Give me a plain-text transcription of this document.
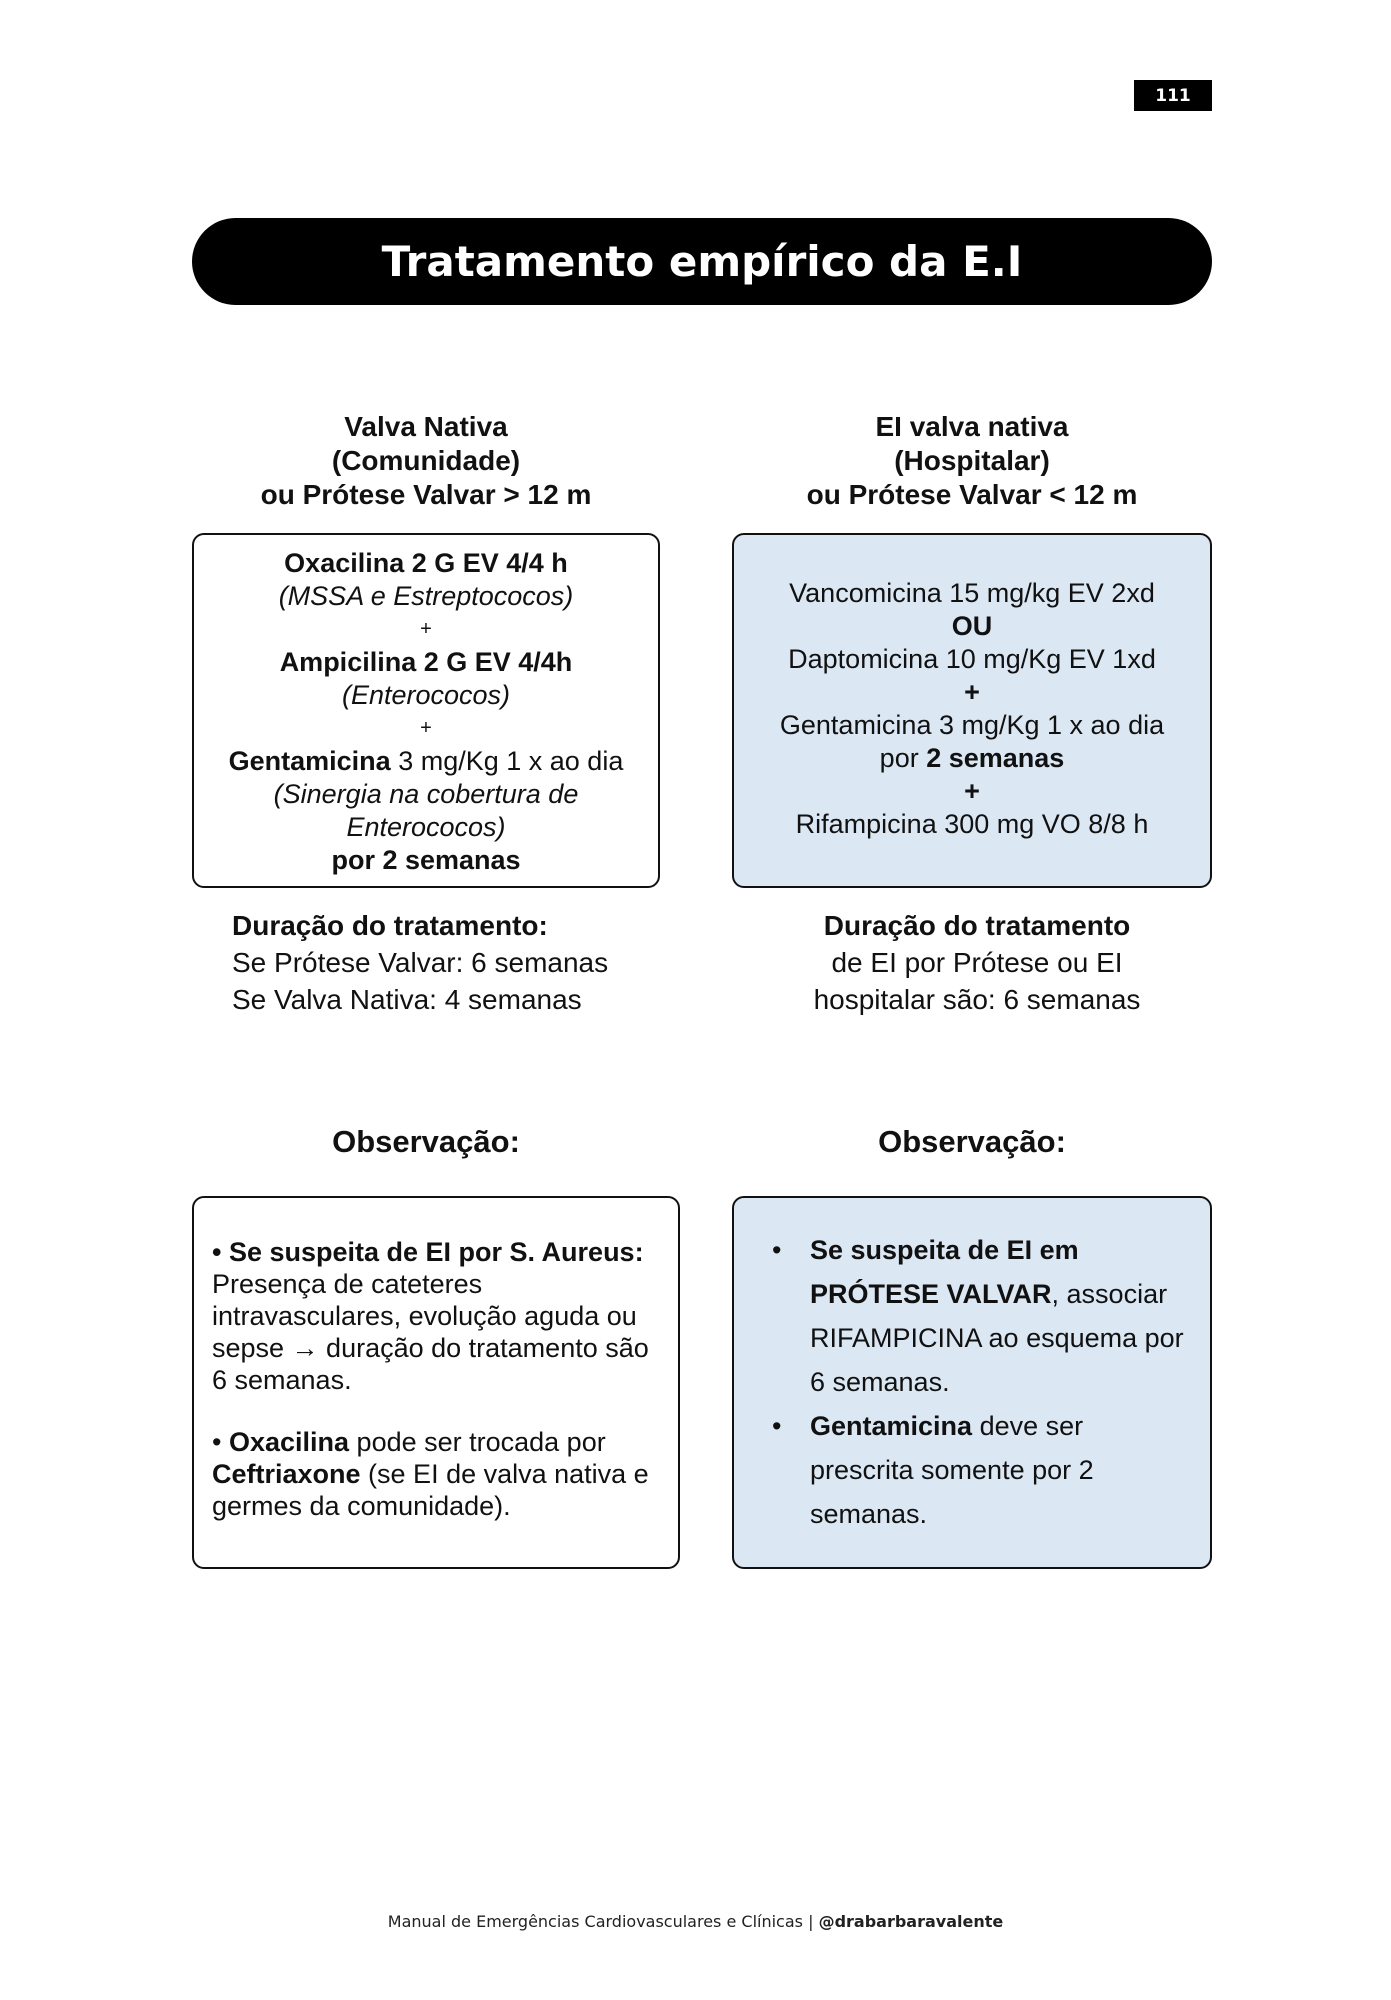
111
Tratamento empírico da E.I
Valva Nativa
(Comunidade)
ou Prótese Valvar > 12 m
EI valva nativa
(Hospitalar)
ou Prótese Valvar < 12 m
Oxacilina 2 G EV 4/4 h
(MSSA e Estreptococos)
+
Ampicilina 2 G EV 4/4h
(Enterococos)
+
Gentamicina 3 mg/Kg 1 x ao dia
(Sinergia na cobertura de
Enterococos)
por 2 semanas
Vancomicina 15 mg/kg EV 2xd
OU
Daptomicina 10 mg/Kg EV 1xd
+
Gentamicina 3 mg/Kg 1 x ao dia
por 2 semanas
+
Rifampicina 300 mg VO 8/8 h
Duração do tratamento:
Se Prótese Valvar: 6 semanas
Se Valva Nativa: 4 semanas
Duração do tratamento
de EI por Prótese ou EI
hospitalar são: 6 semanas
Observação:	Observação:

• Se suspeita de EI por S. Aureus:
Presença de cateteres intravasculares, evolução aguda ou sepse → duração do tratamento são 6 semanas.

• Oxacilina pode ser trocada por Ceftriaxone (se EI de valva nativa e germes da comunidade).

• Se suspeita de EI em
PRÓTESE VALVAR, associar RIFAMPICINA ao esquema por 6 semanas.
• Gentamicina deve ser prescrita somente por 2 semanas.
Manual de Emergências Cardiovasculares e Clínicas | @drabarbaravalente
